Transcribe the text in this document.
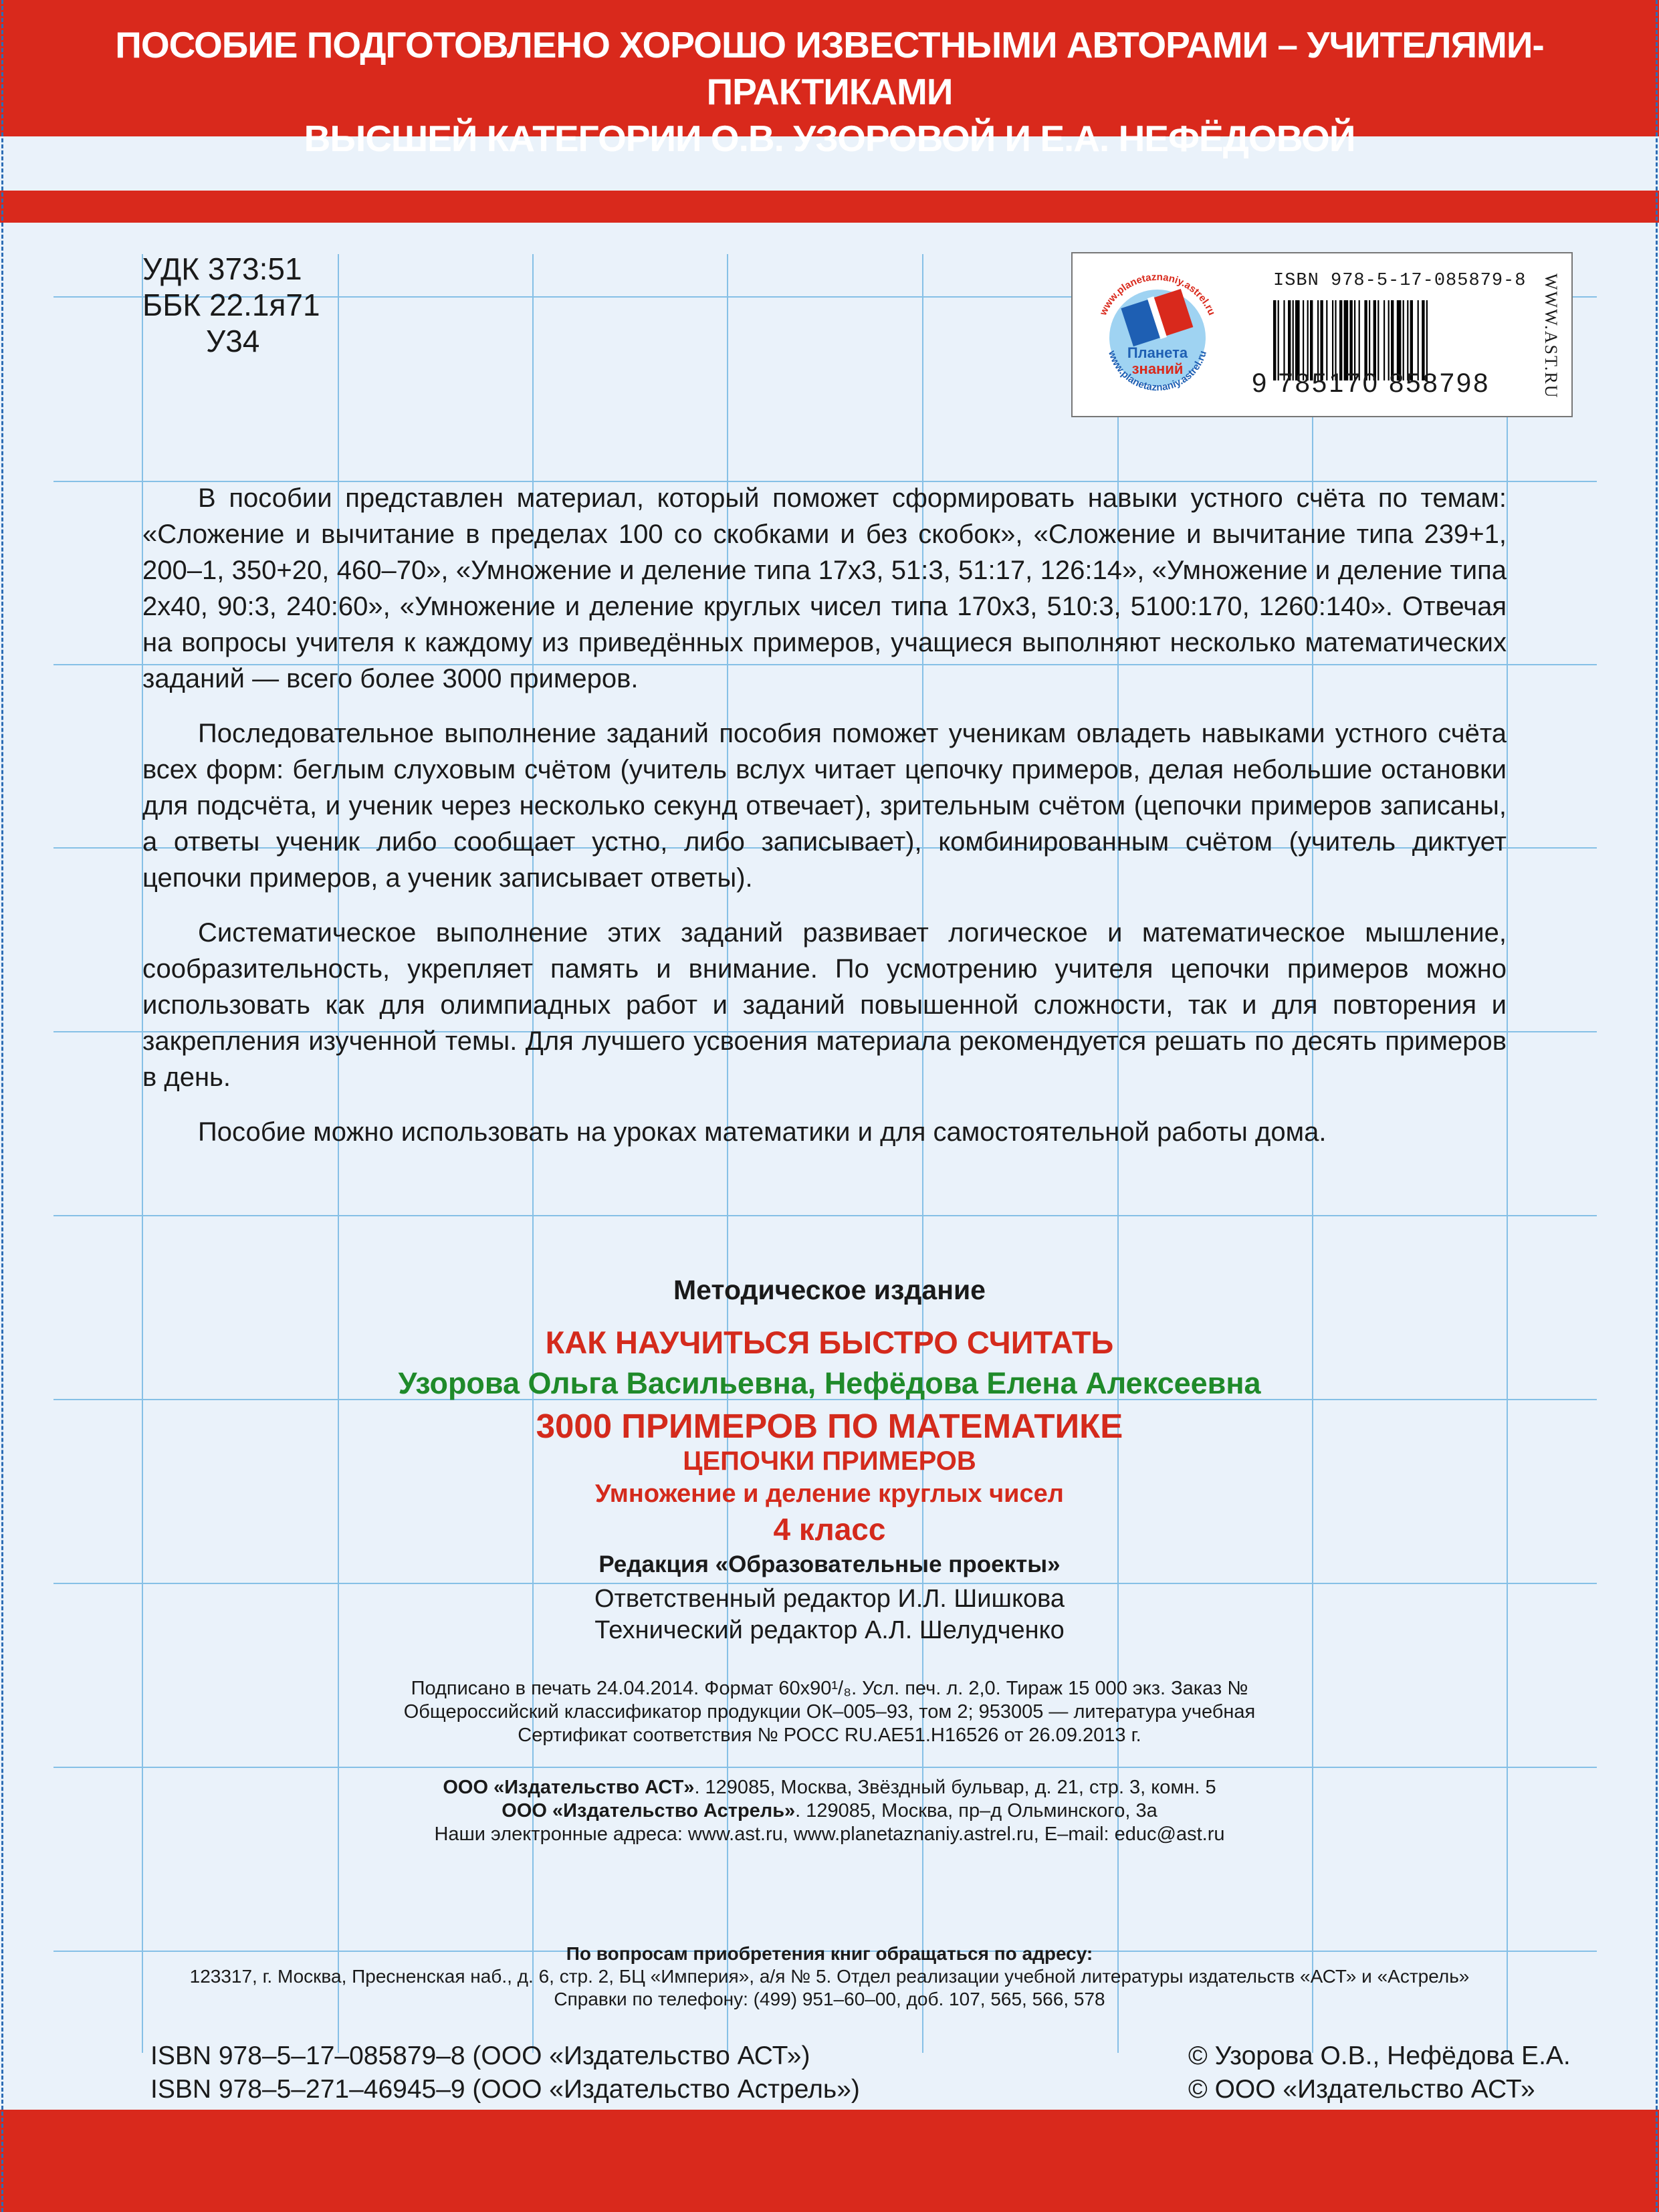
ПОСОБИЕ ПОДГОТОВЛЕНО ХОРОШО ИЗВЕСТНЫМИ АВТОРАМИ – УЧИТЕЛЯМИ-ПРАКТИКАМИ
ВЫСШЕЙ КАТЕГОРИИ О.В. УЗОРОВОЙ И Е.А. НЕФЁДОВОЙ
УДК 373:51
ББК 22.1я71
У34	Планета
знаний
www.planetaznaniy.astrel.ru
www.planetaznaniy.astrel.ru
ISBN 978-5-17-085879-8
9 785170 858798	WWW.AST.RU

В пособии представлен материал, который поможет сформировать навыки устного счёта по темам: «Сложение и вычитание в пределах 100 со скобками и без скобок», «Сложение и вычитание типа 239+1, 200–1, 350+20, 460–70», «Умножение и деление типа 17х3, 51:3, 51:17, 126:14», «Умножение и деление типа 2х40, 90:3, 240:60», «Умножение и деление круглых чисел типа 170х3, 510:3, 5100:170, 1260:140». Отвечая на вопросы учителя к каждому из приведённых примеров, учащиеся выполняют несколько математических заданий — всего более 3000 примеров.

Последовательное выполнение заданий пособия поможет ученикам овладеть навыками устного счёта всех форм: беглым слуховым счётом (учитель вслух читает цепочку примеров, делая небольшие остановки для подсчёта, и ученик через несколько секунд отвечает), зрительным счётом (цепочки примеров записаны, а ответы ученик либо сообщает устно, либо записывает), комбинированным счётом (учитель диктует цепочки примеров, а ученик записывает ответы).

Систематическое выполнение этих заданий развивает логическое и математическое мышление, сообразительность, укрепляет память и внимание. По усмотрению учителя цепочки примеров можно использовать как для олимпиадных работ и заданий повышенной сложности, так и для повторения и закрепления изученной темы. Для лучшего усвоения материала рекомендуется решать по десять примеров в день.

Пособие можно использовать на уроках математики и для самостоятельной работы дома.

Методическое издание
КАК НАУЧИТЬСЯ БЫСТРО СЧИТАТЬ
Узорова Ольга Васильевна, Нефёдова Елена Алексеевна
3000 ПРИМЕРОВ ПО МАТЕМАТИКЕ
ЦЕПОЧКИ ПРИМЕРОВ
Умножение и деление круглых чисел
4 класс
Редакция «Образовательные проекты»
Ответственный редактор И.Л. Шишкова
Технический редактор А.Л. Шелудченко
Подписано в печать 24.04.2014. Формат 60х90¹/₈. Усл. печ. л. 2,0. Тираж 15 000 экз. Заказ №
Общероссийский классификатор продукции ОК–005–93, том 2; 953005 — литература учебная
Сертификат соответствия № РОСС RU.AE51.H16526 от 26.09.2013 г.
ООО «Издательство АСТ». 129085, Москва, Звёздный бульвар, д. 21, стр. 3, комн. 5
ООО «Издательство Астрель». 129085, Москва, пр–д Ольминского, 3а
Наши электронные адреса: www.ast.ru, www.planetaznaniy.astrel.ru, E–mail: educ@ast.ru
По вопросам приобретения книг обращаться по адресу:
123317, г. Москва, Пресненская наб., д. 6, стр. 2, БЦ «Империя», а/я № 5. Отдел реализации учебной литературы издательств «АСТ» и «Астрель»
Справки по телефону: (499) 951–60–00, доб. 107, 565, 566, 578
ISBN 978–5–17–085879–8 (ООО «Издательство АСТ»)
ISBN 978–5–271–46945–9 (ООО «Издательство Астрель»)
© Узорова О.В., Нефёдова Е.А.
© ООО «Издательство АСТ»
